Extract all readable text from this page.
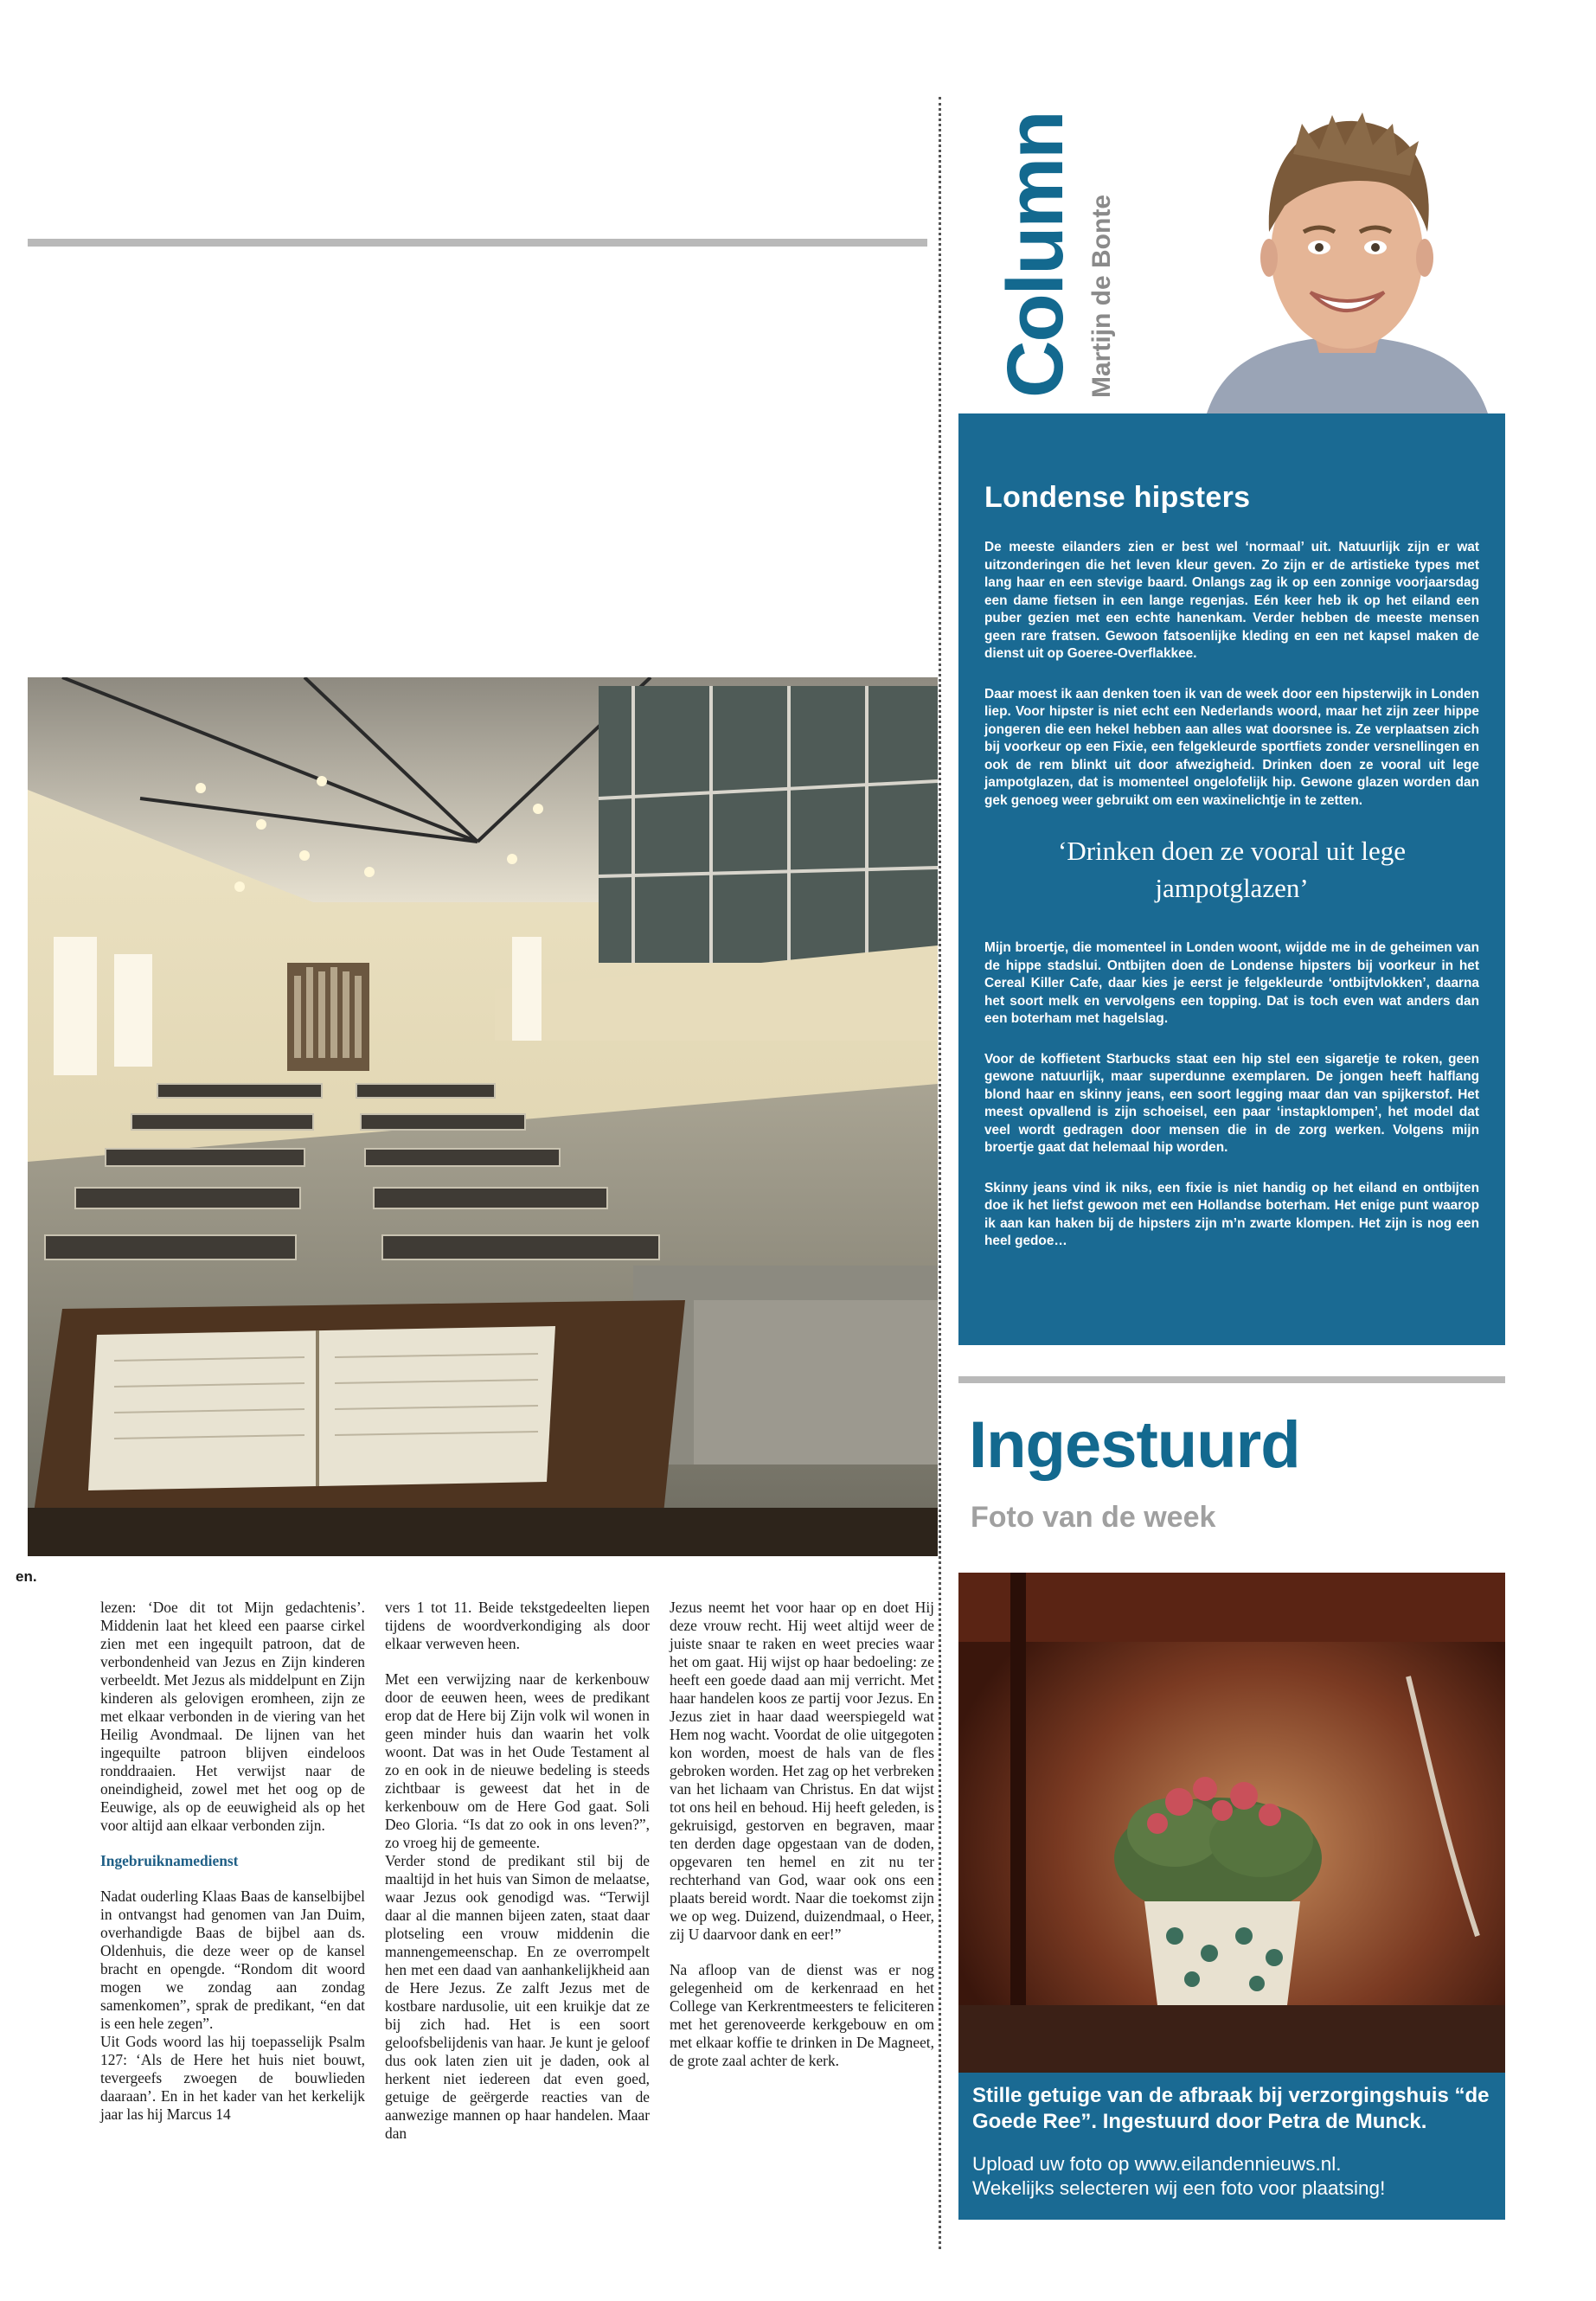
en.

lezen: ‘Doe dit tot Mijn gedachtenis’. Middenin laat het kleed een paarse cirkel zien met een ingequilt patroon, dat de verbondenheid van Jezus en Zijn kinderen verbeeldt. Met Jezus als middelpunt en Zijn kinderen als gelovigen eromheen, zijn ze met elkaar verbonden in de viering van het Heilig Avondmaal. De lijnen van het ingequilte patroon blijven eindeloos ronddraaien. Het verwijst naar de oneindigheid, zowel met het oog op de Eeuwige, als op de eeuwigheid als op het voor altijd aan elkaar verbonden zijn.

Ingebruiknamedienst

Nadat ouderling Klaas Baas de kanselbijbel in ontvangst had genomen van Jan Duim, overhandigde Baas de bijbel aan ds. Oldenhuis, die deze weer op de kansel bracht en opengde. “Rondom dit woord mogen we zondag aan zondag samenkomen”, sprak de predikant, “en dat is een hele zegen”.

Uit Gods woord las hij toepasselijk Psalm 127: ‘Als de Here het huis niet bouwt, tevergeefs zwoegen de bouwlieden daaraan’. En in het kader van het kerkelijk jaar las hij Marcus 14

vers 1 tot 11. Beide tekstgedeelten liepen tijdens de woordverkondiging als door elkaar verweven heen.

Met een verwijzing naar de kerkenbouw door de eeuwen heen, wees de predikant erop dat de Here bij Zijn volk wil wonen in geen minder huis dan waarin het volk woont. Dat was in het Oude Testament al zo en ook in de nieuwe bedeling is steeds zichtbaar is geweest dat het in de kerkenbouw om de Here God gaat. Soli Deo Gloria. “Is dat zo ook in ons leven?”, zo vroeg hij de gemeente.

Verder stond de predikant stil bij de maaltijd in het huis van Simon de melaatse, waar Jezus ook genodigd was. “Terwijl daar al die mannen bijeen zaten, staat daar plotseling een vrouw middenin die mannengemeenschap. En ze overrompelt hen met een daad van aanhankelijkheid aan de Here Jezus. Ze zalft Jezus met de kostbare nardusolie, uit een kruikje dat ze bij zich had. Het is een soort geloofsbelijdenis van haar. Je kunt je geloof dus ook laten zien uit je daden, ook al herkent niet iedereen dat even goed, getuige de geërgerde reacties van de aanwezige mannen op haar handelen. Maar dan

Jezus neemt het voor haar op en doet Hij deze vrouw recht. Hij weet altijd weer de juiste snaar te raken en weet precies waar het om gaat. Hij wijst op haar bedoeling: ze heeft een goede daad aan mij verricht. Met haar handelen koos ze partij voor Jezus. En Jezus ziet in haar daad weerspiegeld wat Hem nog wacht. Voordat de olie uitgegoten kon worden, moest de hals van de fles gebroken worden. Het zag op het verbreken van het lichaam van Christus. En dat wijst tot ons heil en behoud. Hij heeft geleden, is gekruisigd, gestorven en begraven, maar ten derden dage opgestaan van de doden, opgevaren ten hemel en zit nu ter rechterhand van God, waar ook ons een plaats bereid wordt. Naar die toekomst zijn we op weg. Duizend, duizendmaal, o Heer, zij U daarvoor dank en eer!”

Na afloop van de dienst was er nog gelegenheid om de kerkenraad en het College van Kerkrentmeesters te feliciteren met het gerenoveerde kerkgebouw en om met elkaar koffie te drinken in De Magneet, de grote zaal achter de kerk.

Column Martijn de Bonte
Londense hipsters

De meeste eilanders zien er best wel ‘normaal’ uit. Natuurlijk zijn er wat uitzonderingen die het leven kleur geven. Zo zijn er de artistieke types met lang haar en een stevige baard. Onlangs zag ik op een zonnige voorjaarsdag een dame fietsen in een lange regenjas. Eén keer heb ik op het eiland een puber gezien met een echte hanenkam. Verder hebben de meeste mensen geen rare fratsen. Gewoon fatsoenlijke kleding en een net kapsel maken de dienst uit op Goeree-Overflakkee.

Daar moest ik aan denken toen ik van de week door een hipsterwijk in Londen liep. Voor hipster is niet echt een Nederlands woord, maar het zijn zeer hippe jongeren die een hekel hebben aan alles wat doorsnee is. Ze verplaatsen zich bij voorkeur op een Fixie, een felgekleurde sportfiets zonder versnellingen en ook de rem blinkt uit door afwezigheid. Drinken doen ze vooral uit lege jampotglazen, dat is momenteel ongelofelijk hip. Gewone glazen worden dan gek genoeg weer gebruikt om een waxinelichtje in te zetten.

‘Drinken doen ze vooral uit lege jampotglazen’

Mijn broertje, die momenteel in Londen woont, wijdde me in de geheimen van de hippe stadslui. Ontbijten doen de Londense hipsters bij voorkeur in het Cereal Killer Cafe, daar kies je eerst je felgekleurde ‘ontbijtvlokken’, daarna het soort melk en vervolgens een topping. Dat is toch even wat anders dan een boterham met hagelslag.

Voor de koffietent Starbucks staat een hip stel een sigaretje te roken, geen gewone natuurlijk, maar superdunne exemplaren. De jongen heeft halflang blond haar en skinny jeans, een soort legging maar dan van spijkerstof. Het meest opvallend is zijn schoeisel, een paar ‘instapklompen’, het model dat veel wordt gedragen door mensen die in de zorg werken. Volgens mijn broertje gaat dat helemaal hip worden.

Skinny jeans vind ik niks, een fixie is niet handig op het eiland en ontbijten doe ik het liefst gewoon met een Hollandse boterham. Het enige punt waarop ik aan kan haken bij de hipsters zijn m’n zwarte klompen. Het zijn is nog een heel gedoe…

Ingestuurd
Foto van de week

Stille getuige van de afbraak bij verzorgingshuis “de Goede Ree”. Ingestuurd door Petra de Munck.

Upload uw foto op www.eilandennieuws.nl.

Wekelijks selecteren wij een foto voor plaatsing!
